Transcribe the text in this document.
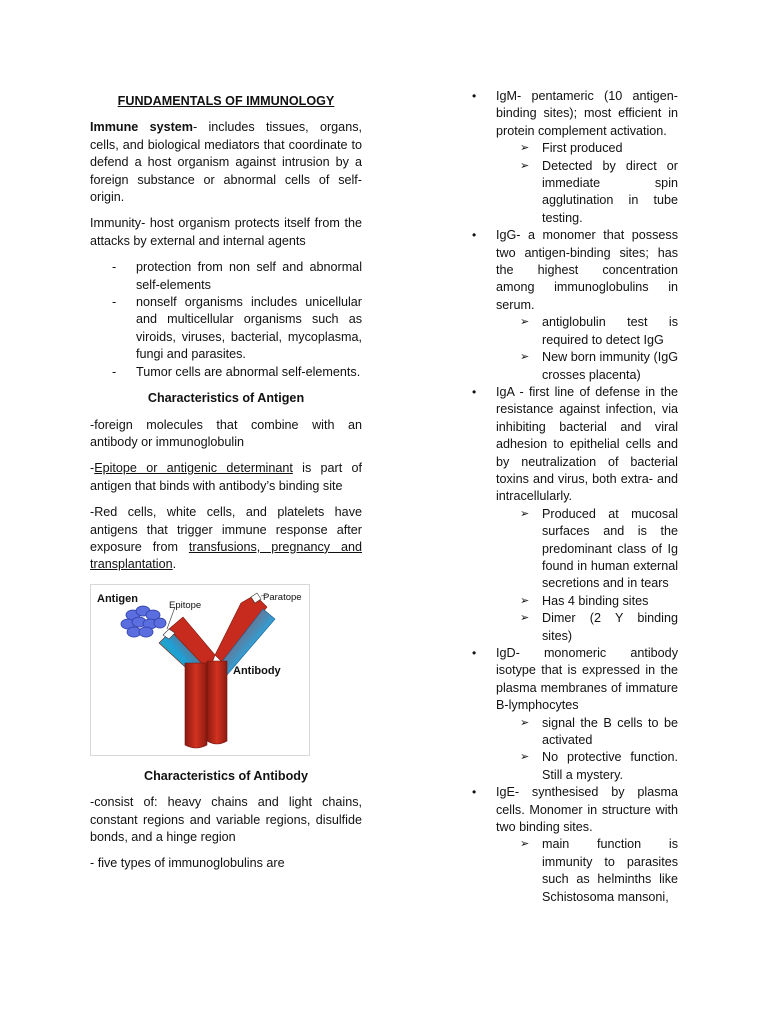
FUNDAMENTALS OF IMMUNOLOGY

Immune system- includes tissues, organs, cells, and biological mediators that coordinate to defend a host organism against intrusion by a foreign substance or abnormal cells of self-origin.

Immunity- host organism protects itself from the attacks by external and internal agents

- protection from non self and abnormal self-elements
- nonself organisms includes unicellular and multicellular organisms such as viroids, viruses, bacterial, mycoplasma, fungi and parasites.
- Tumor cells are abnormal self-elements.

Characteristics of Antigen

-foreign molecules that combine with an antibody or immunoglobulin

-Epitope or antigenic determinant is part of antigen that binds with antibody’s binding site

-Red cells, white cells, and platelets have antigens that trigger immune response after exposure from transfusions, pregnancy and transplantation.

Antigen
Epitope
Paratope
Antibody

Characteristics of Antibody

-consist of: heavy chains and light chains, constant regions and variable regions, disulfide bonds, and a hinge region

- five types of immunoglobulins are

• IgM- pentameric (10 antigen-binding sites); most efficient in protein complement activation.
➢ First produced
➢ Detected by direct or immediate spin agglutination in tube testing.
• IgG- a monomer that possess two antigen-binding sites; has the highest concentration among immunoglobulins in serum.
➢ antiglobulin test is required to detect IgG
➢ New born immunity (IgG crosses placenta)
• IgA - first line of defense in the resistance against infection, via inhibiting bacterial and viral adhesion to epithelial cells and by neutralization of bacterial toxins and virus, both extra- and intracellularly.
➢ Produced at mucosal surfaces and is the predominant class of Ig found in human external secretions and in tears
➢ Has 4 binding sites
➢ Dimer (2 Y binding sites)
• IgD- monomeric antibody isotype that is expressed in the plasma membranes of immature B-lymphocytes
➢ signal the B cells to be activated
➢ No protective function. Still a mystery.
• IgE- synthesised by plasma cells. Monomer in structure with two binding sites.
➢ main function is immunity to parasites such as helminths like Schistosoma mansoni,
